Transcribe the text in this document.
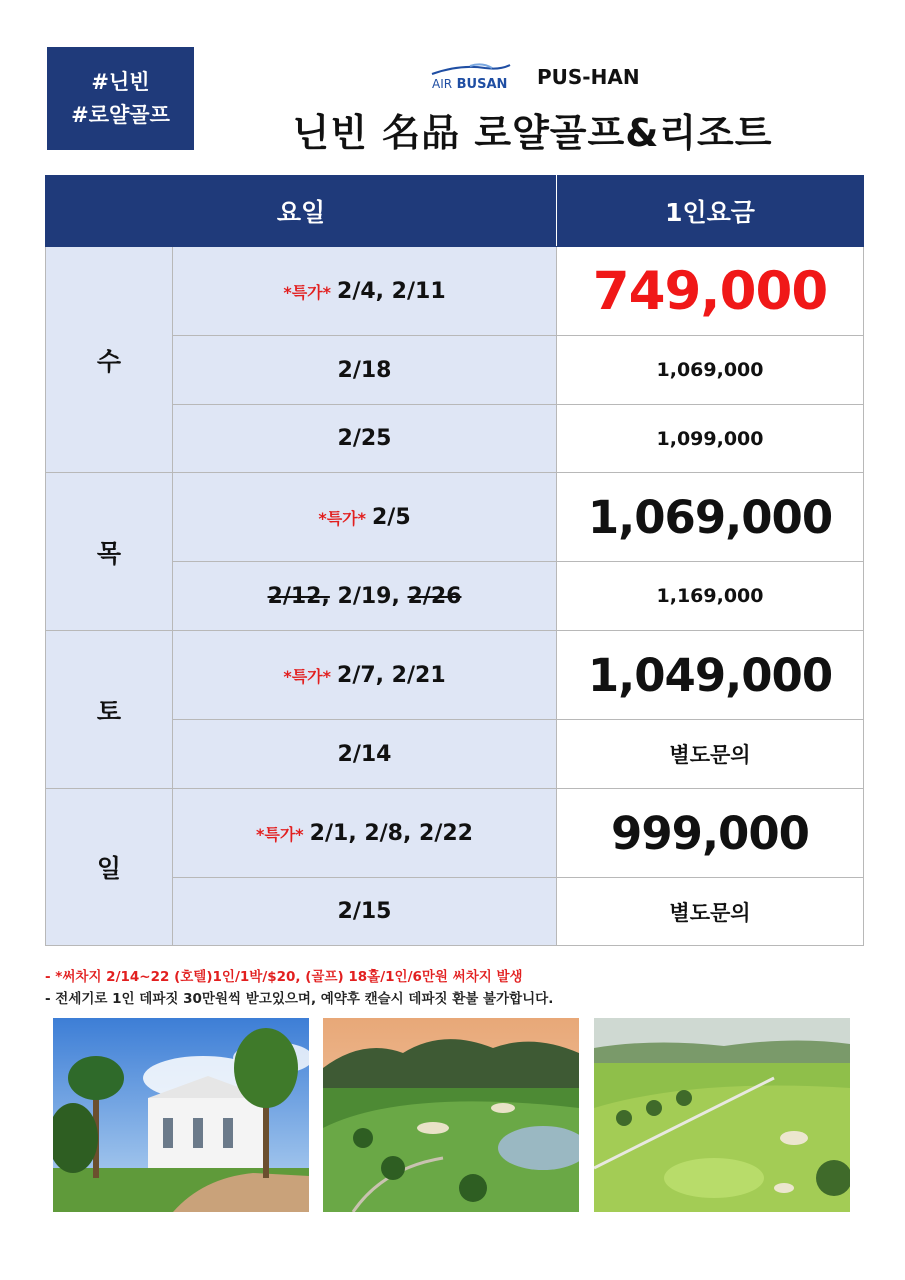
#닌빈
#로얄골프
AIR BUSAN PUS-HAN
닌빈 名品 로얄골프&리조트
요일		1인요금
수	*특가* 2/4, 2/11	749,000
	2/18	1,069,000
	2/25	1,099,000
목	*특가* 2/5	1,069,000
	2/12, 2/19, 2/26	1,169,000
토	*특가* 2/7, 2/21	1,049,000
	2/14	별도문의
일	*특가* 2/1, 2/8, 2/22	999,000
	2/15	별도문의
- *써차지 2/14~22 (호텔)1인/1박/$20, (골프) 18홀/1인/6만원 써차지 발생
- 전세기로 1인 데파짓 30만원씩 받고있으며, 예약후 캔슬시 데파짓 환불 불가합니다.
